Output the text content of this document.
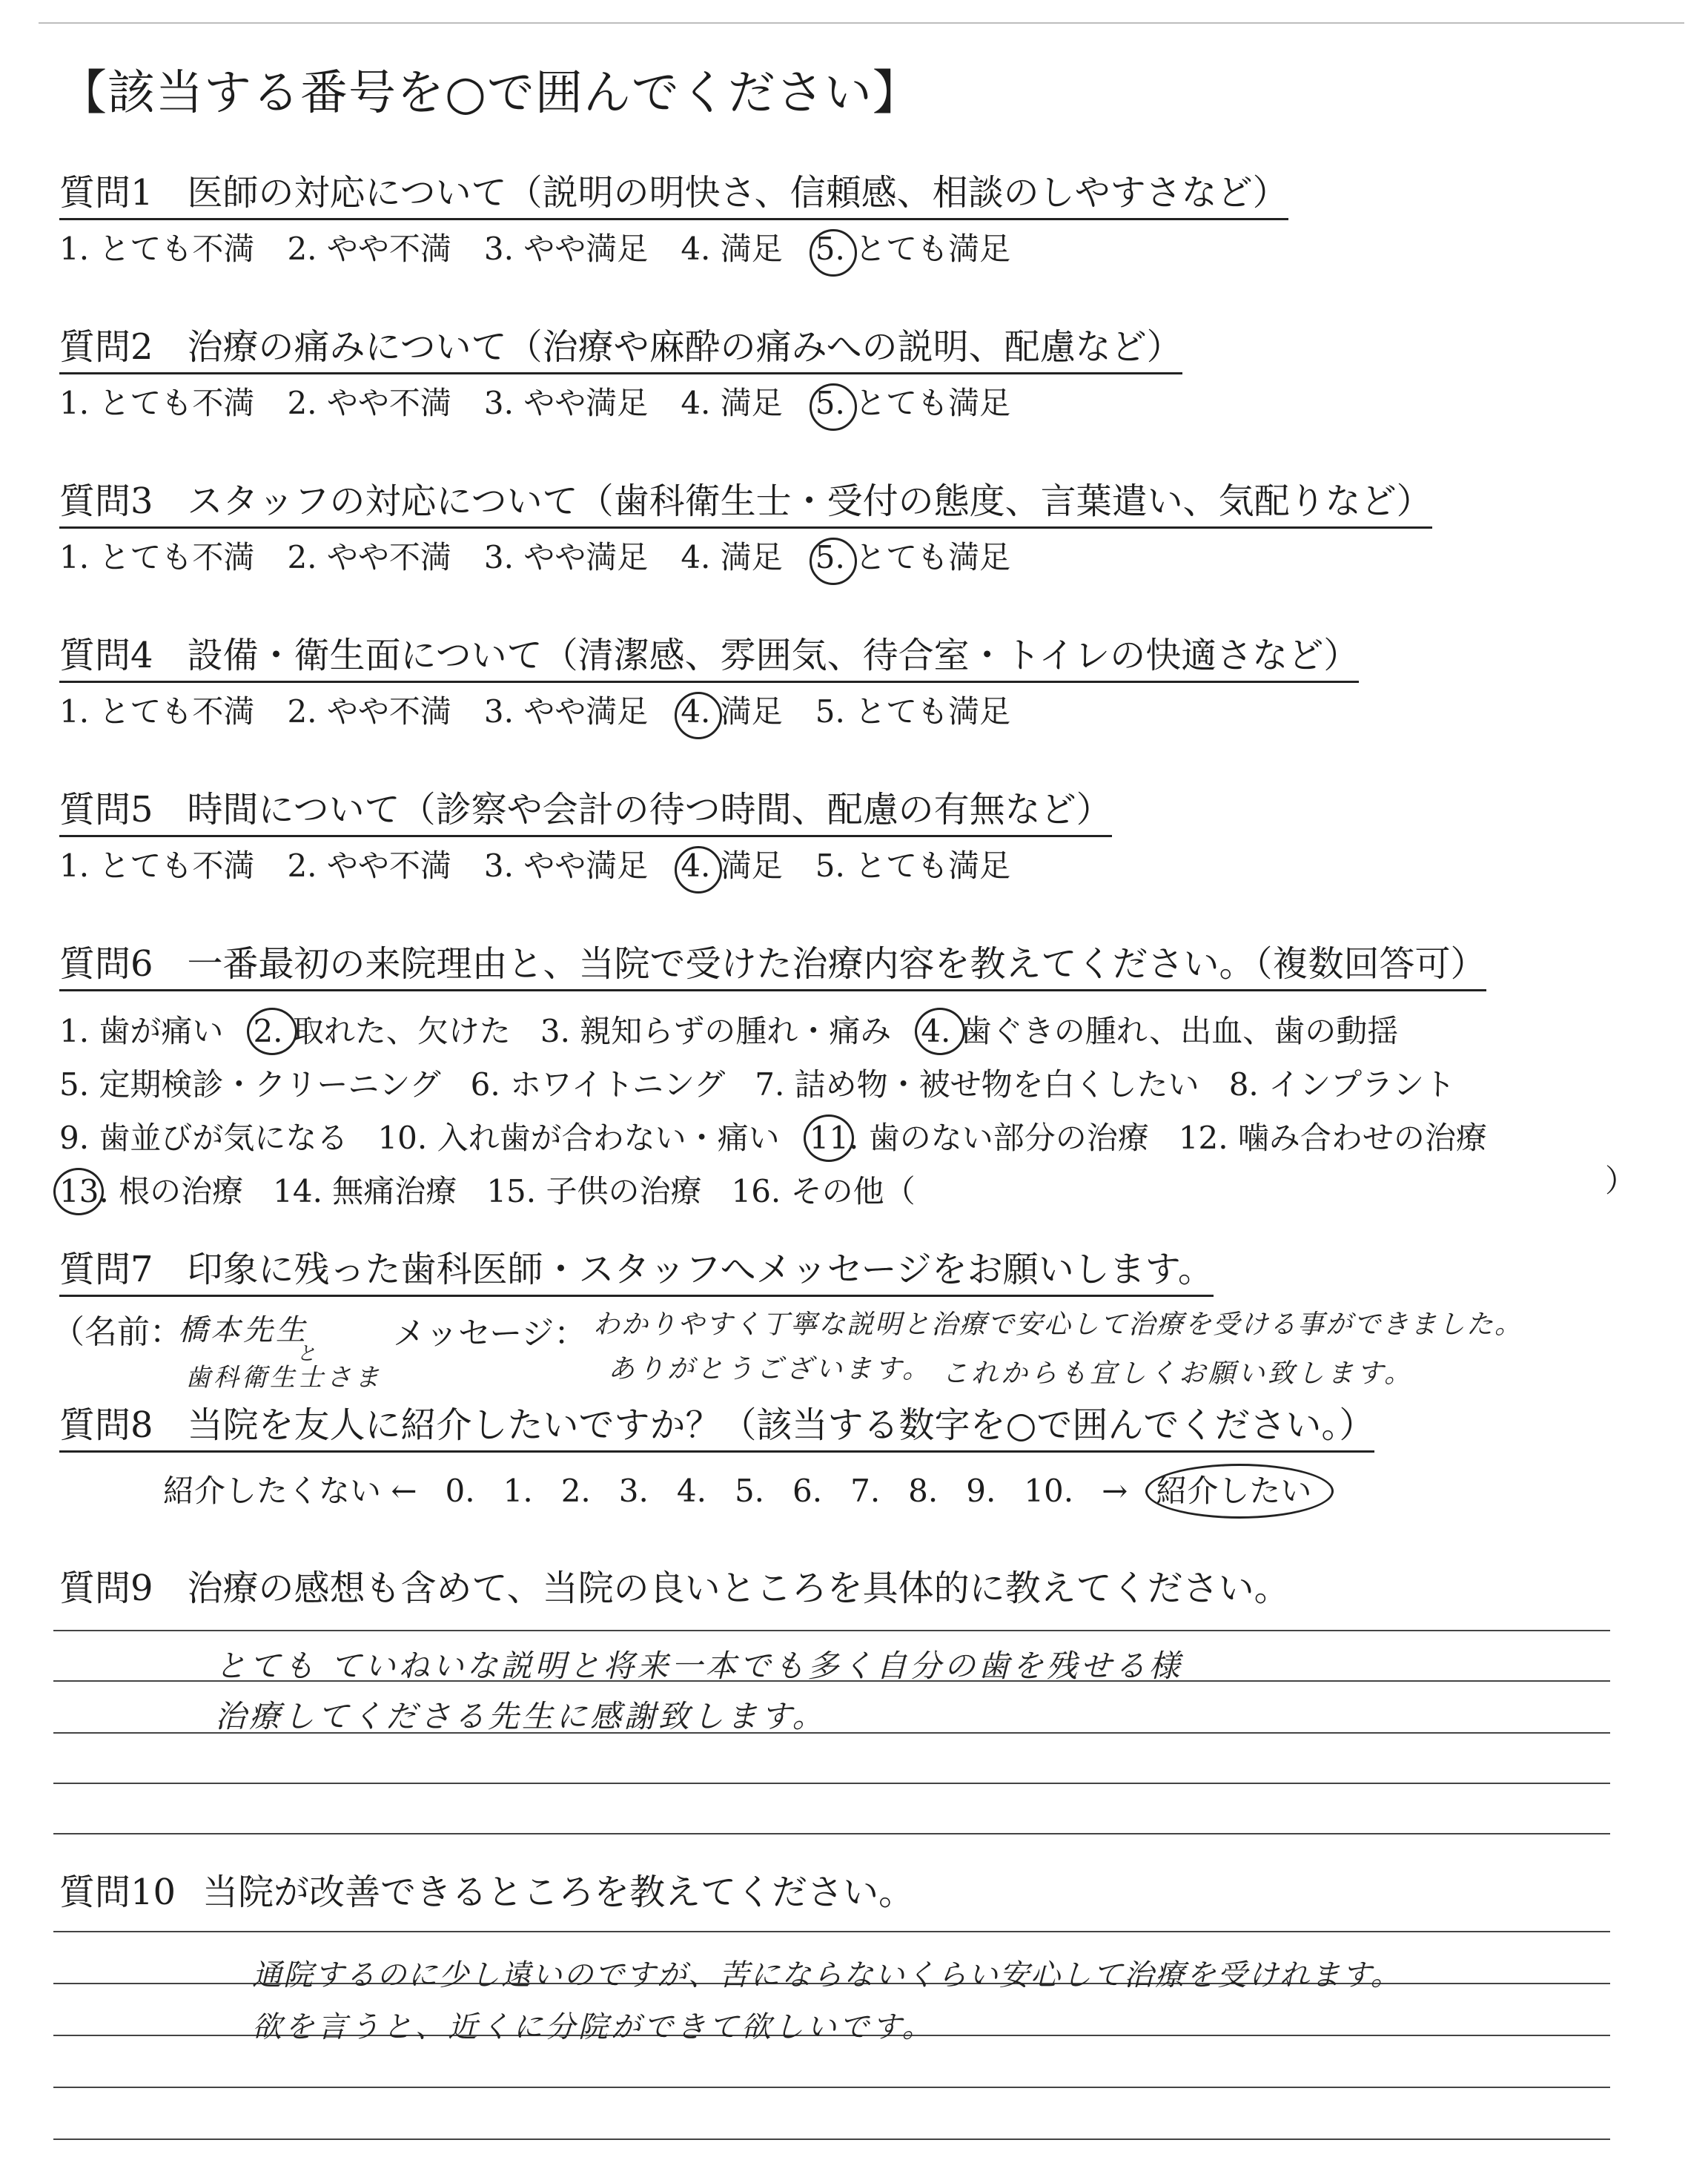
【該当する番号を○で囲んでください】
質問1 医師の対応について（説明の明快さ、信頼感、相談のしやすさなど）
1. とても不満 2. やや不満 3. やや満足 4. 満足 5. とても満足
質問2 治療の痛みについて（治療や麻酔の痛みへの説明、配慮など）
1. とても不満 2. やや不満 3. やや満足 4. 満足 5. とても満足
質問3 スタッフの対応について（歯科衛生士・受付の態度、言葉遣い、気配りなど）
1. とても不満 2. やや不満 3. やや満足 4. 満足 5. とても満足
質問4 設備・衛生面について（清潔感、雰囲気、待合室・トイレの快適さなど）
1. とても不満 2. やや不満 3. やや満足 4. 満足 5. とても満足
質問5 時間について（診察や会計の待つ時間、配慮の有無など）
1. とても不満 2. やや不満 3. やや満足 4. 満足 5. とても満足
質問6 一番最初の来院理由と、当院で受けた治療内容を教えてください。（複数回答可）
1. 歯が痛い 2. 取れた、欠けた 3. 親知らずの腫れ・痛み 4. 歯ぐきの腫れ、出血、歯の動揺
5. 定期検診・クリーニング 6. ホワイトニング 7. 詰め物・被せ物を白くしたい 8. インプラント
9. 歯並びが気になる 10. 入れ歯が合わない・痛い 11. 歯のない部分の治療 12. 噛み合わせの治療
13. 根の治療 14. 無痛治療 15. 子供の治療 16. その他（	）
質問7 印象に残った歯科医師・スタッフへメッセージをお願いします。
（名前：
橋本先生
と
歯科衛生士さま
メッセージ： わかりやすく丁寧な説明と治療で安心して治療を受ける事ができました。
ありがとうございます。 これからも宜しくお願い致します。
質問8 当院を友人に紹介したいですか？（該当する数字を○で囲んでください。）
紹介したくない ← 0. 1. 2. 3. 4. 5. 6. 7. 8. 9. 10. → 紹介したい
質問9 治療の感想も含めて、当院の良いところを具体的に教えてください。
とても ていねいな説明と将来一本でも多く自分の歯を残せる様
治療してくださる先生に感謝致します。
質問10 当院が改善できるところを教えてください。
通院するのに少し遠いのですが、苦にならないくらい安心して治療を受けれます。
欲を言うと、近くに分院ができて欲しいです。
